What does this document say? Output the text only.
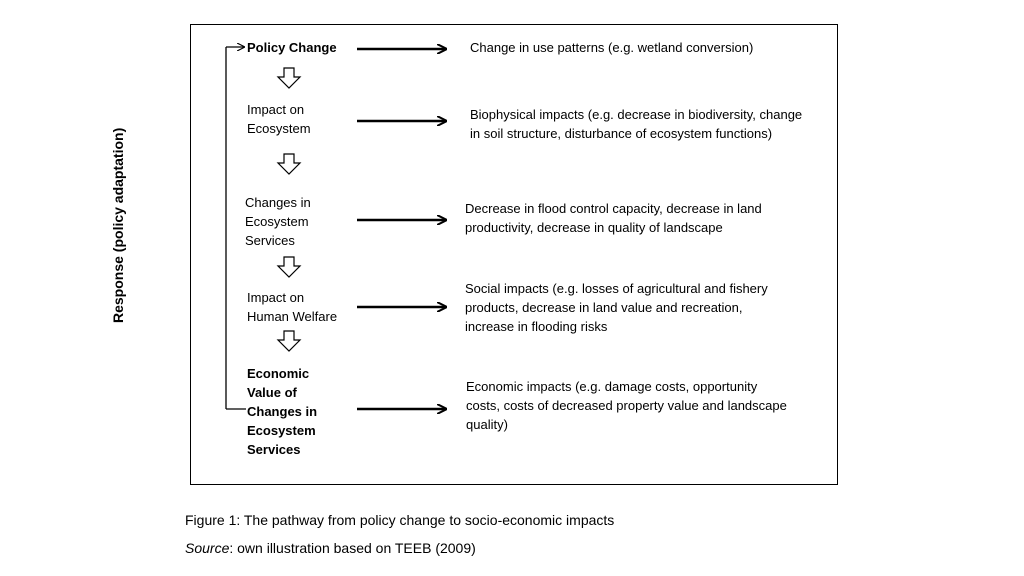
Response (policy adaptation)
Policy Change
Impact on
Ecosystem
Changes in
Ecosystem
Services
Impact on
Human Welfare
Economic
Value of
Changes in
Ecosystem
Services
Change in use patterns (e.g. wetland conversion)
Biophysical impacts (e.g. decrease in biodiversity, change
in soil structure, disturbance of ecosystem functions)
Decrease in flood control capacity, decrease in land
productivity, decrease in quality of landscape
Social impacts (e.g. losses of agricultural and fishery
products, decrease in land value and recreation,
increase in flooding risks
Economic impacts (e.g. damage costs, opportunity
costs, costs of decreased property value and landscape
quality)
Figure 1: The pathway from policy change to socio-economic impacts
Source: own illustration based on TEEB (2009)
